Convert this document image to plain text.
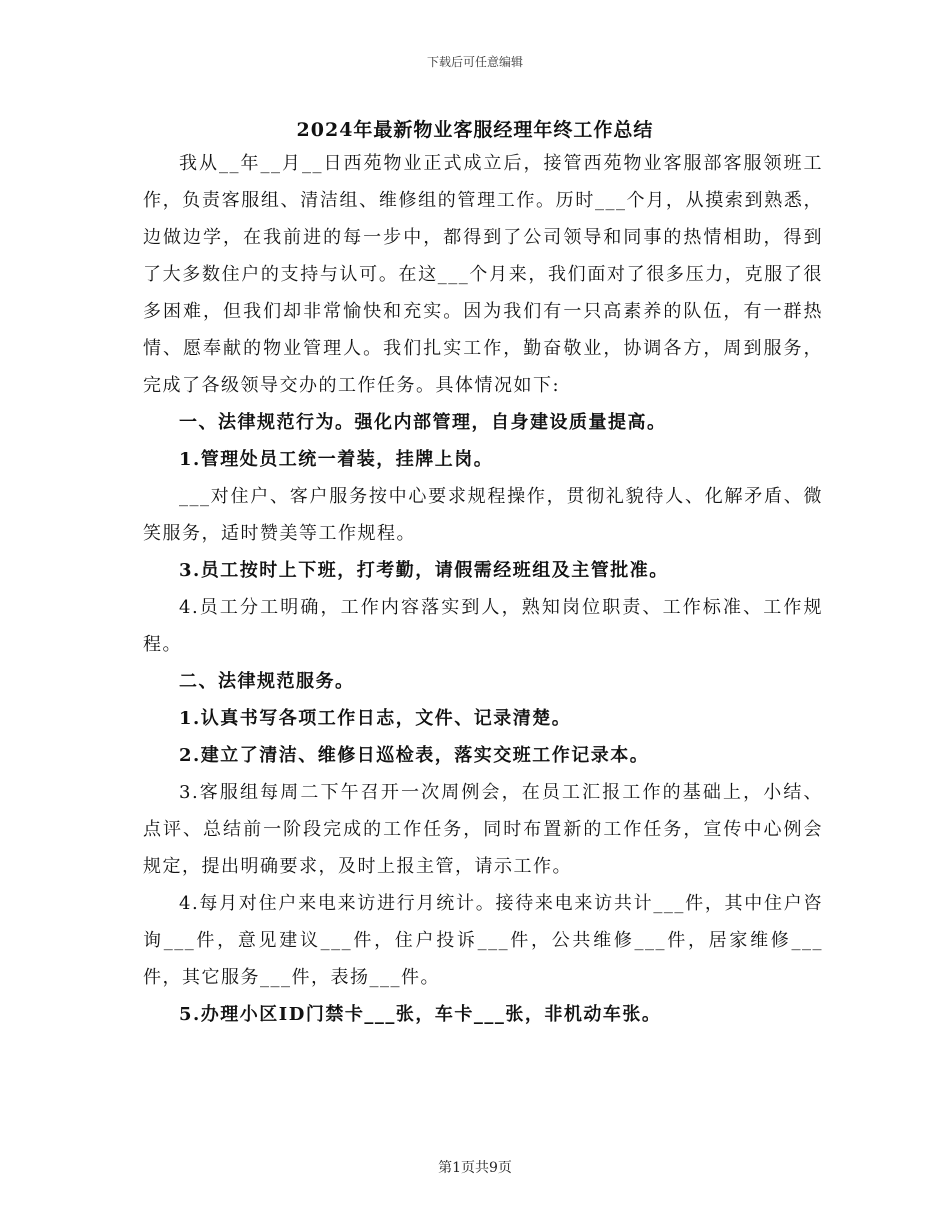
下载后可任意编辑
2024年最新物业客服经理年终工作总结

我从__年__月__日西苑物业正式成立后，接管西苑物业客服部客服领班工作，负责客服组、清洁组、维修组的管理工作。历时___个月，从摸索到熟悉，边做边学，在我前进的每一步中，都得到了公司领导和同事的热情相助，得到了大多数住户的支持与认可。在这___个月来，我们面对了很多压力，克服了很多困难，但我们却非常愉快和充实。因为我们有一只高素养的队伍，有一群热情、愿奉献的物业管理人。我们扎实工作，勤奋敬业，协调各方，周到服务，完成了各级领导交办的工作任务。具体情况如下:

一、法律规范行为。强化内部管理，自身建设质量提高。

1.管理处员工统一着装，挂牌上岗。

___对住户、客户服务按中心要求规程操作，贯彻礼貌待人、化解矛盾、微笑服务，适时赞美等工作规程。

3.员工按时上下班，打考勤，请假需经班组及主管批准。

4.员工分工明确，工作内容落实到人，熟知岗位职责、工作标准、工作规程。

二、法律规范服务。

1.认真书写各项工作日志，文件、记录清楚。

2.建立了清洁、维修日巡检表，落实交班工作记录本。

3.客服组每周二下午召开一次周例会，在员工汇报工作的基础上，小结、点评、总结前一阶段完成的工作任务，同时布置新的工作任务，宣传中心例会规定，提出明确要求，及时上报主管，请示工作。

4.每月对住户来电来访进行月统计。接待来电来访共计___件，其中住户咨询___件，意见建议___件，住户投诉___件，公共维修___件，居家维修___件，其它服务___件，表扬___件。

5.办理小区ID门禁卡___张，车卡___张，非机动车张。

第1页共9页
